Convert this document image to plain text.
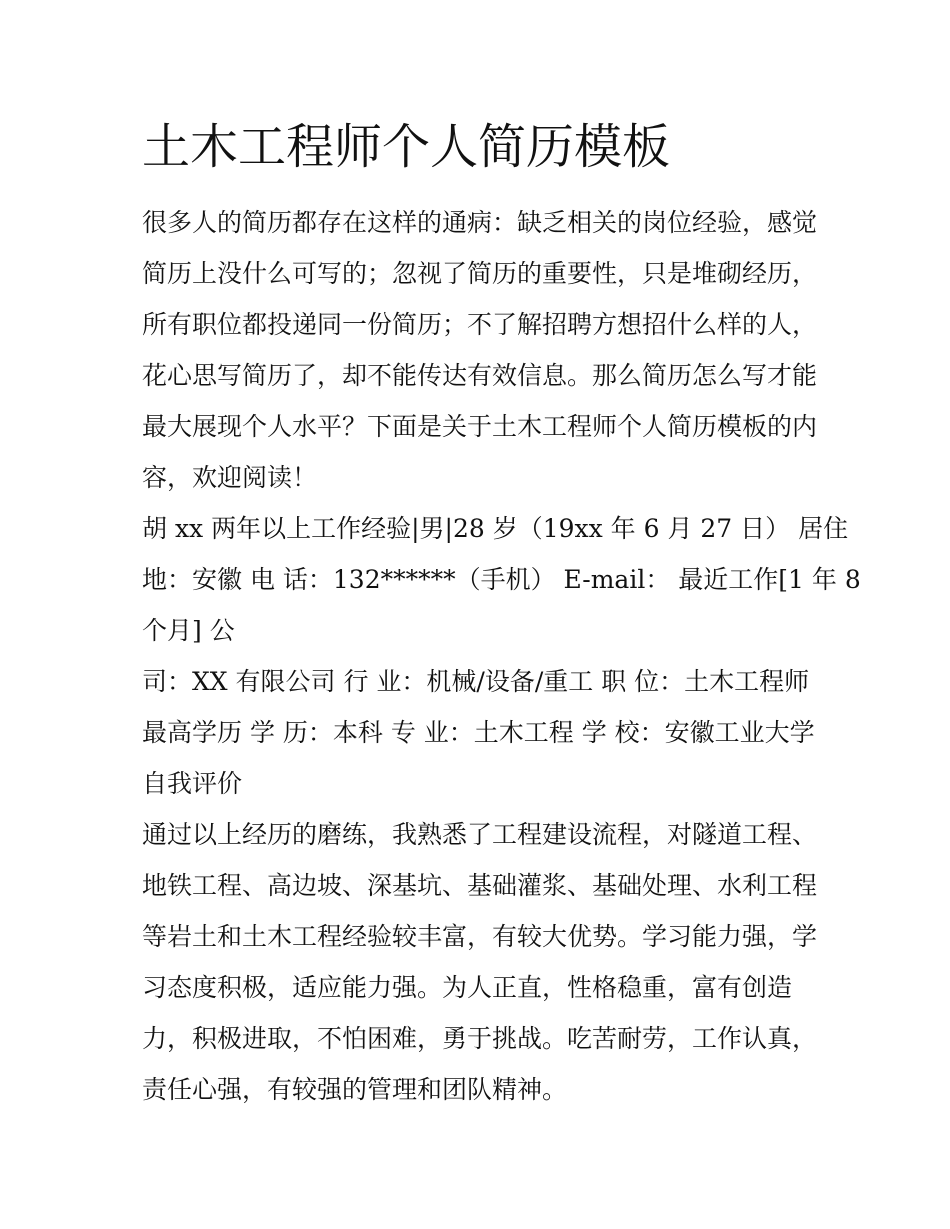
土木工程师个人简历模板

很多人的简历都存在这样的通病：缺乏相关的岗位经验，感觉

简历上没什么可写的；忽视了简历的重要性，只是堆砌经历，

所有职位都投递同一份简历；不了解招聘方想招什么样的人，

花心思写简历了，却不能传达有效信息。那么简历怎么写才能

最大展现个人水平？下面是关于土木工程师个人简历模板的内

容，欢迎阅读！

胡 xx 两年以上工作经验|男|28 岁（19xx 年 6 月 27 日） 居住

地：安徽 电 话：132******（手机） E-mail： 最近工作[1 年 8

个月] 公

司：XX 有限公司 行 业：机械/设备/重工 职 位：土木工程师

最高学历 学 历：本科 专 业：土木工程 学 校：安徽工业大学

自我评价

通过以上经历的磨练，我熟悉了工程建设流程，对隧道工程、

地铁工程、高边坡、深基坑、基础灌浆、基础处理、水利工程

等岩土和土木工程经验较丰富，有较大优势。学习能力强，学

习态度积极，适应能力强。为人正直，性格稳重，富有创造

力，积极进取，不怕困难，勇于挑战。吃苦耐劳，工作认真，

责任心强，有较强的管理和团队精神。
